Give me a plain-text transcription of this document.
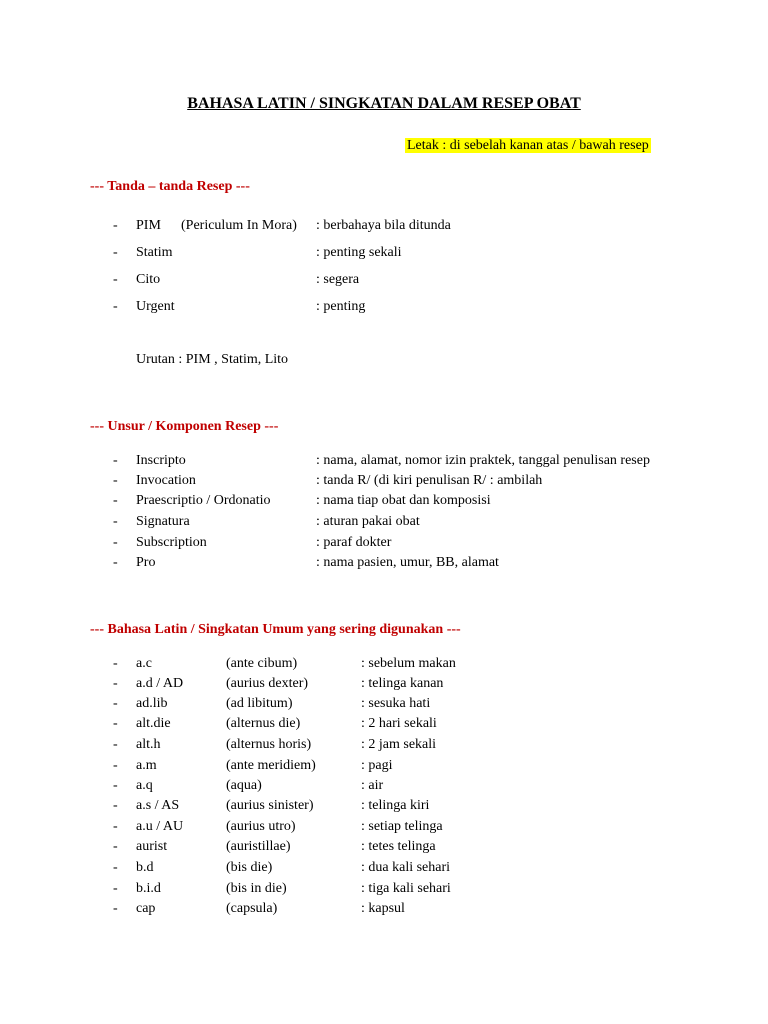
BAHASA LATIN / SINGKATAN DALAM RESEP OBAT
Letak : di sebelah kanan atas / bawah resep
--- Tanda – tanda Resep ---
- PIM (Periculum In Mora) : berbahaya bila ditunda
- Statim	: penting sekali
- Cito	: segera
- Urgent	: penting
Urutan : PIM , Statim, Lito
--- Unsur / Komponen Resep ---
- Inscripto	: nama, alamat, nomor izin praktek, tanggal penulisan resep
- Invocation	: tanda R/ (di kiri penulisan R/ : ambilah
- Praescriptio / Ordonatio	: nama tiap obat dan komposisi
- Signatura	: aturan pakai obat
- Subscription	: paraf dokter
- Pro	: nama pasien, umur, BB, alamat
--- Bahasa Latin / Singkatan Umum yang sering digunakan ---
- a.c	(ante cibum)	: sebelum makan
- a.d / AD	(aurius dexter)	: telinga kanan
- ad.lib	(ad libitum)	: sesuka hati
- alt.die	(alternus die)	: 2 hari sekali
- alt.h	(alternus horis)	: 2 jam sekali
- a.m	(ante meridiem)	: pagi
- a.q	(aqua)	: air
- a.s / AS	(aurius sinister)	: telinga kiri
- a.u / AU	(aurius utro)	: setiap telinga
- aurist	(auristillae)	: tetes telinga
- b.d	(bis die)	: dua kali sehari
- b.i.d	(bis in die)	: tiga kali sehari
- cap	(capsula)	: kapsul
